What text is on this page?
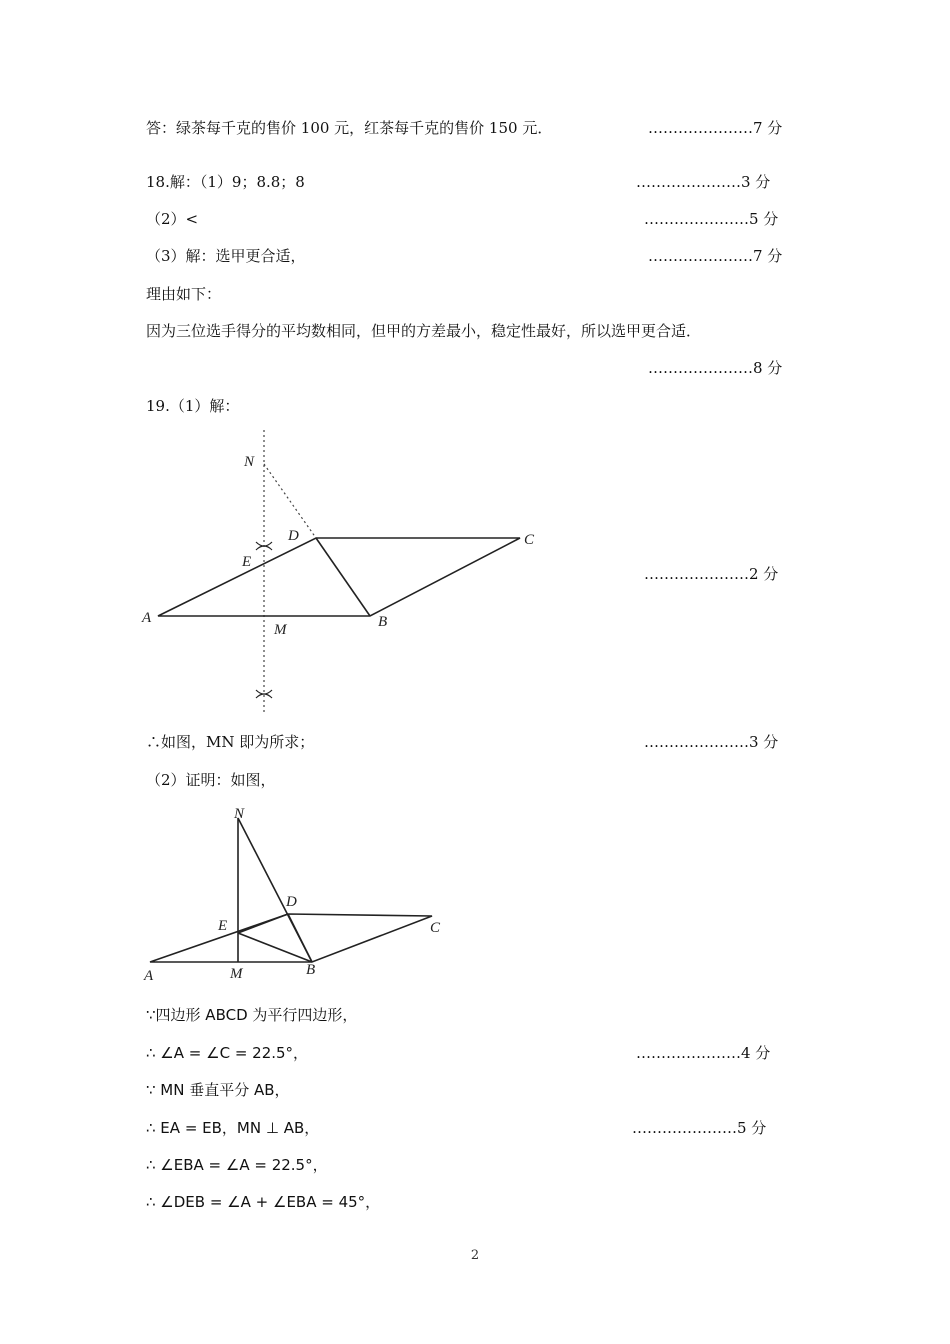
答：绿茶每千克的售价 100 元，红茶每千克的售价 150 元．	…………………7 分
18.解：（1）9；8.8；8	…………………3 分
（2）<	…………………5 分
（3）解：选甲更合适，	…………………7 分
理由如下：
因为三位选手得分的平均数相同，但甲的方差最小，稳定性最好，所以选甲更合适．
…………………8 分
19.（1）解：
N
D	C
E
A
M	B
…………………2 分
∴如图，MN 即为所求；	…………………3 分
（2）证明：如图，
N
D
C
E
A	M	B
∵四边形 ABCD 为平行四边形，
∴ ∠A = ∠C = 22.5°，	…………………4 分
∵ MN 垂直平分 AB，
∴ EA = EB，MN ⊥ AB，	…………………5 分
∴ ∠EBA = ∠A = 22.5°，
∴ ∠DEB = ∠A + ∠EBA = 45°，
2
